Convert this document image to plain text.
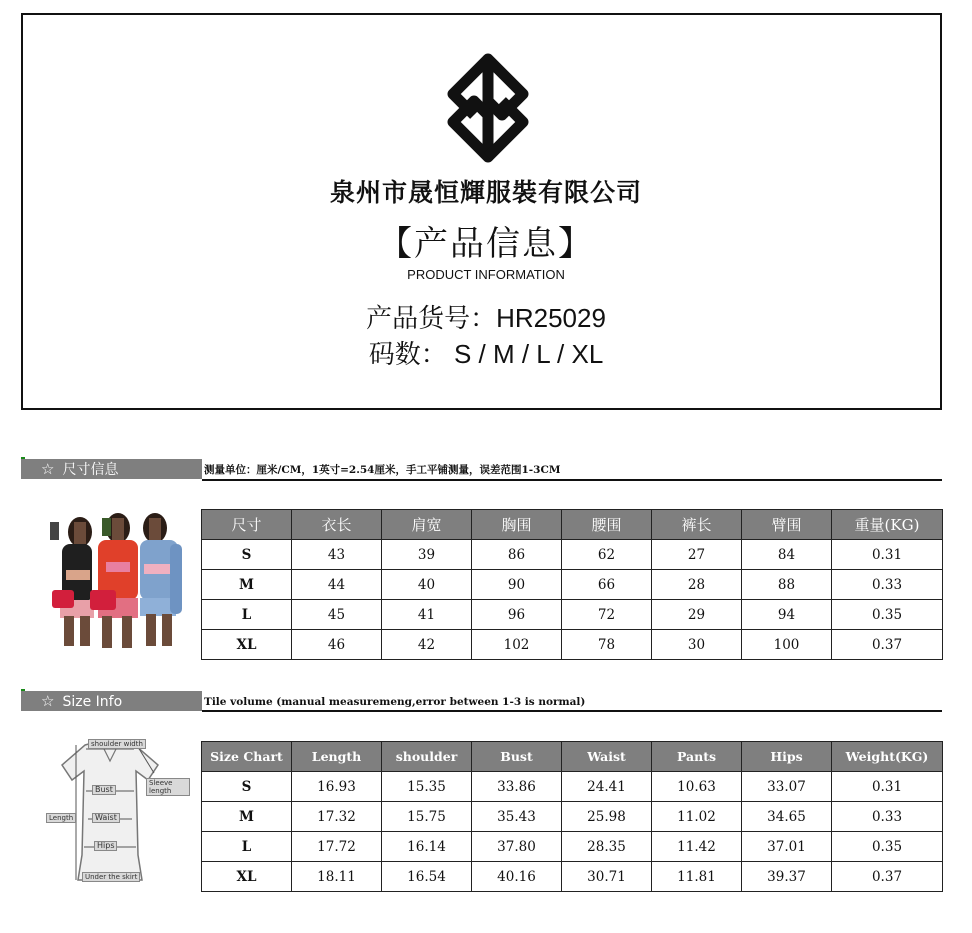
泉州市晟恒輝服裝有限公司
【产品信息】
PRODUCT INFORMATION
产品货号：HR25029
码数： S / M / L / XL
☆ 尺寸信息	测量单位：厘米/CM，1英寸=2.54厘米，手工平铺测量，误差范围1-3CM
尺寸	衣长	肩宽	胸围	腰围	裤长	臂围	重量(KG)
S	43	39	86	62	27	84	0.31
M	44	40	90	66	28	88	0.33
L	45	41	96	72	29	94	0.35
XL	46	42	102	78	30	100	0.37
☆ Size Info	Tile volume (manual measuremeng,error between 1-3 is normal)
shoulder width
Sleeve length
Bust
Waist
Hips
Length
Under the skirt
Size Chart	Length	shoulder	Bust	Waist	Pants	Hips	Weight(KG)
S	16.93	15.35	33.86	24.41	10.63	33.07	0.31
M	17.32	15.75	35.43	25.98	11.02	34.65	0.33
L	17.72	16.14	37.80	28.35	11.42	37.01	0.35
XL	18.11	16.54	40.16	30.71	11.81	39.37	0.37
